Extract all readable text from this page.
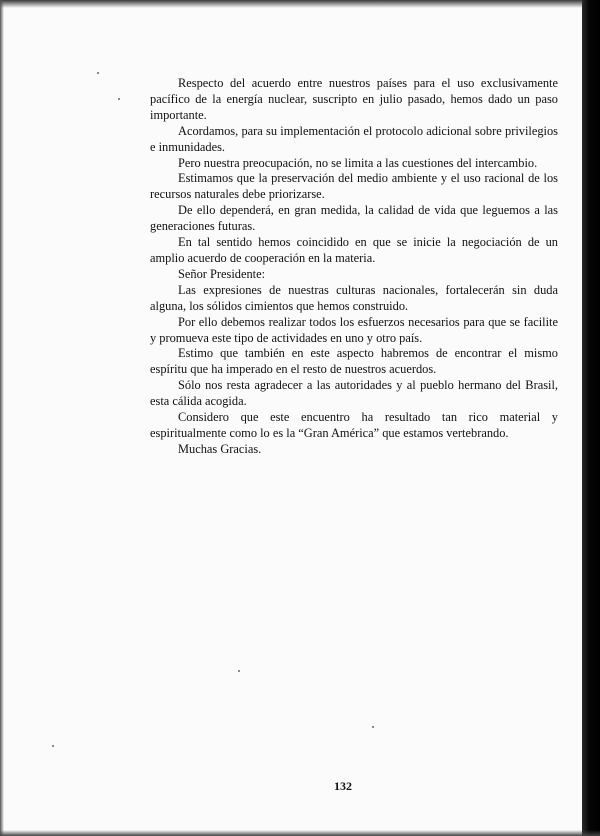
Respecto del acuerdo entre nuestros países para el uso exclusivamente pacífico de la energía nuclear, suscripto en julio pasado, hemos dado un paso importante.

Acordamos, para su implementación el protocolo adicional sobre privilegios e inmunidades.

Pero nuestra preocupación, no se limita a las cuestiones del intercambio.

Estimamos que la preservación del medio ambiente y el uso racional de los recursos naturales debe priorizarse.

De ello dependerá, en gran medida, la calidad de vida que leguemos a las generaciones futuras.

En tal sentido hemos coincidido en que se inicie la negociación de un amplio acuerdo de cooperación en la materia.

Señor Presidente:

Las expresiones de nuestras culturas nacionales, fortalecerán sin duda alguna, los sólidos cimientos que hemos construido.

Por ello debemos realizar todos los esfuerzos necesarios para que se facilite y promueva este tipo de actividades en uno y otro país.

Estimo que también en este aspecto habremos de encontrar el mismo espíritu que ha imperado en el resto de nuestros acuerdos.

Sólo nos resta agradecer a las autoridades y al pueblo hermano del Brasil, esta cálida acogida.

Considero que este encuentro ha resultado tan rico material y espiritualmente como lo es la “Gran América” que estamos vertebrando.

Muchas Gracias.

132
